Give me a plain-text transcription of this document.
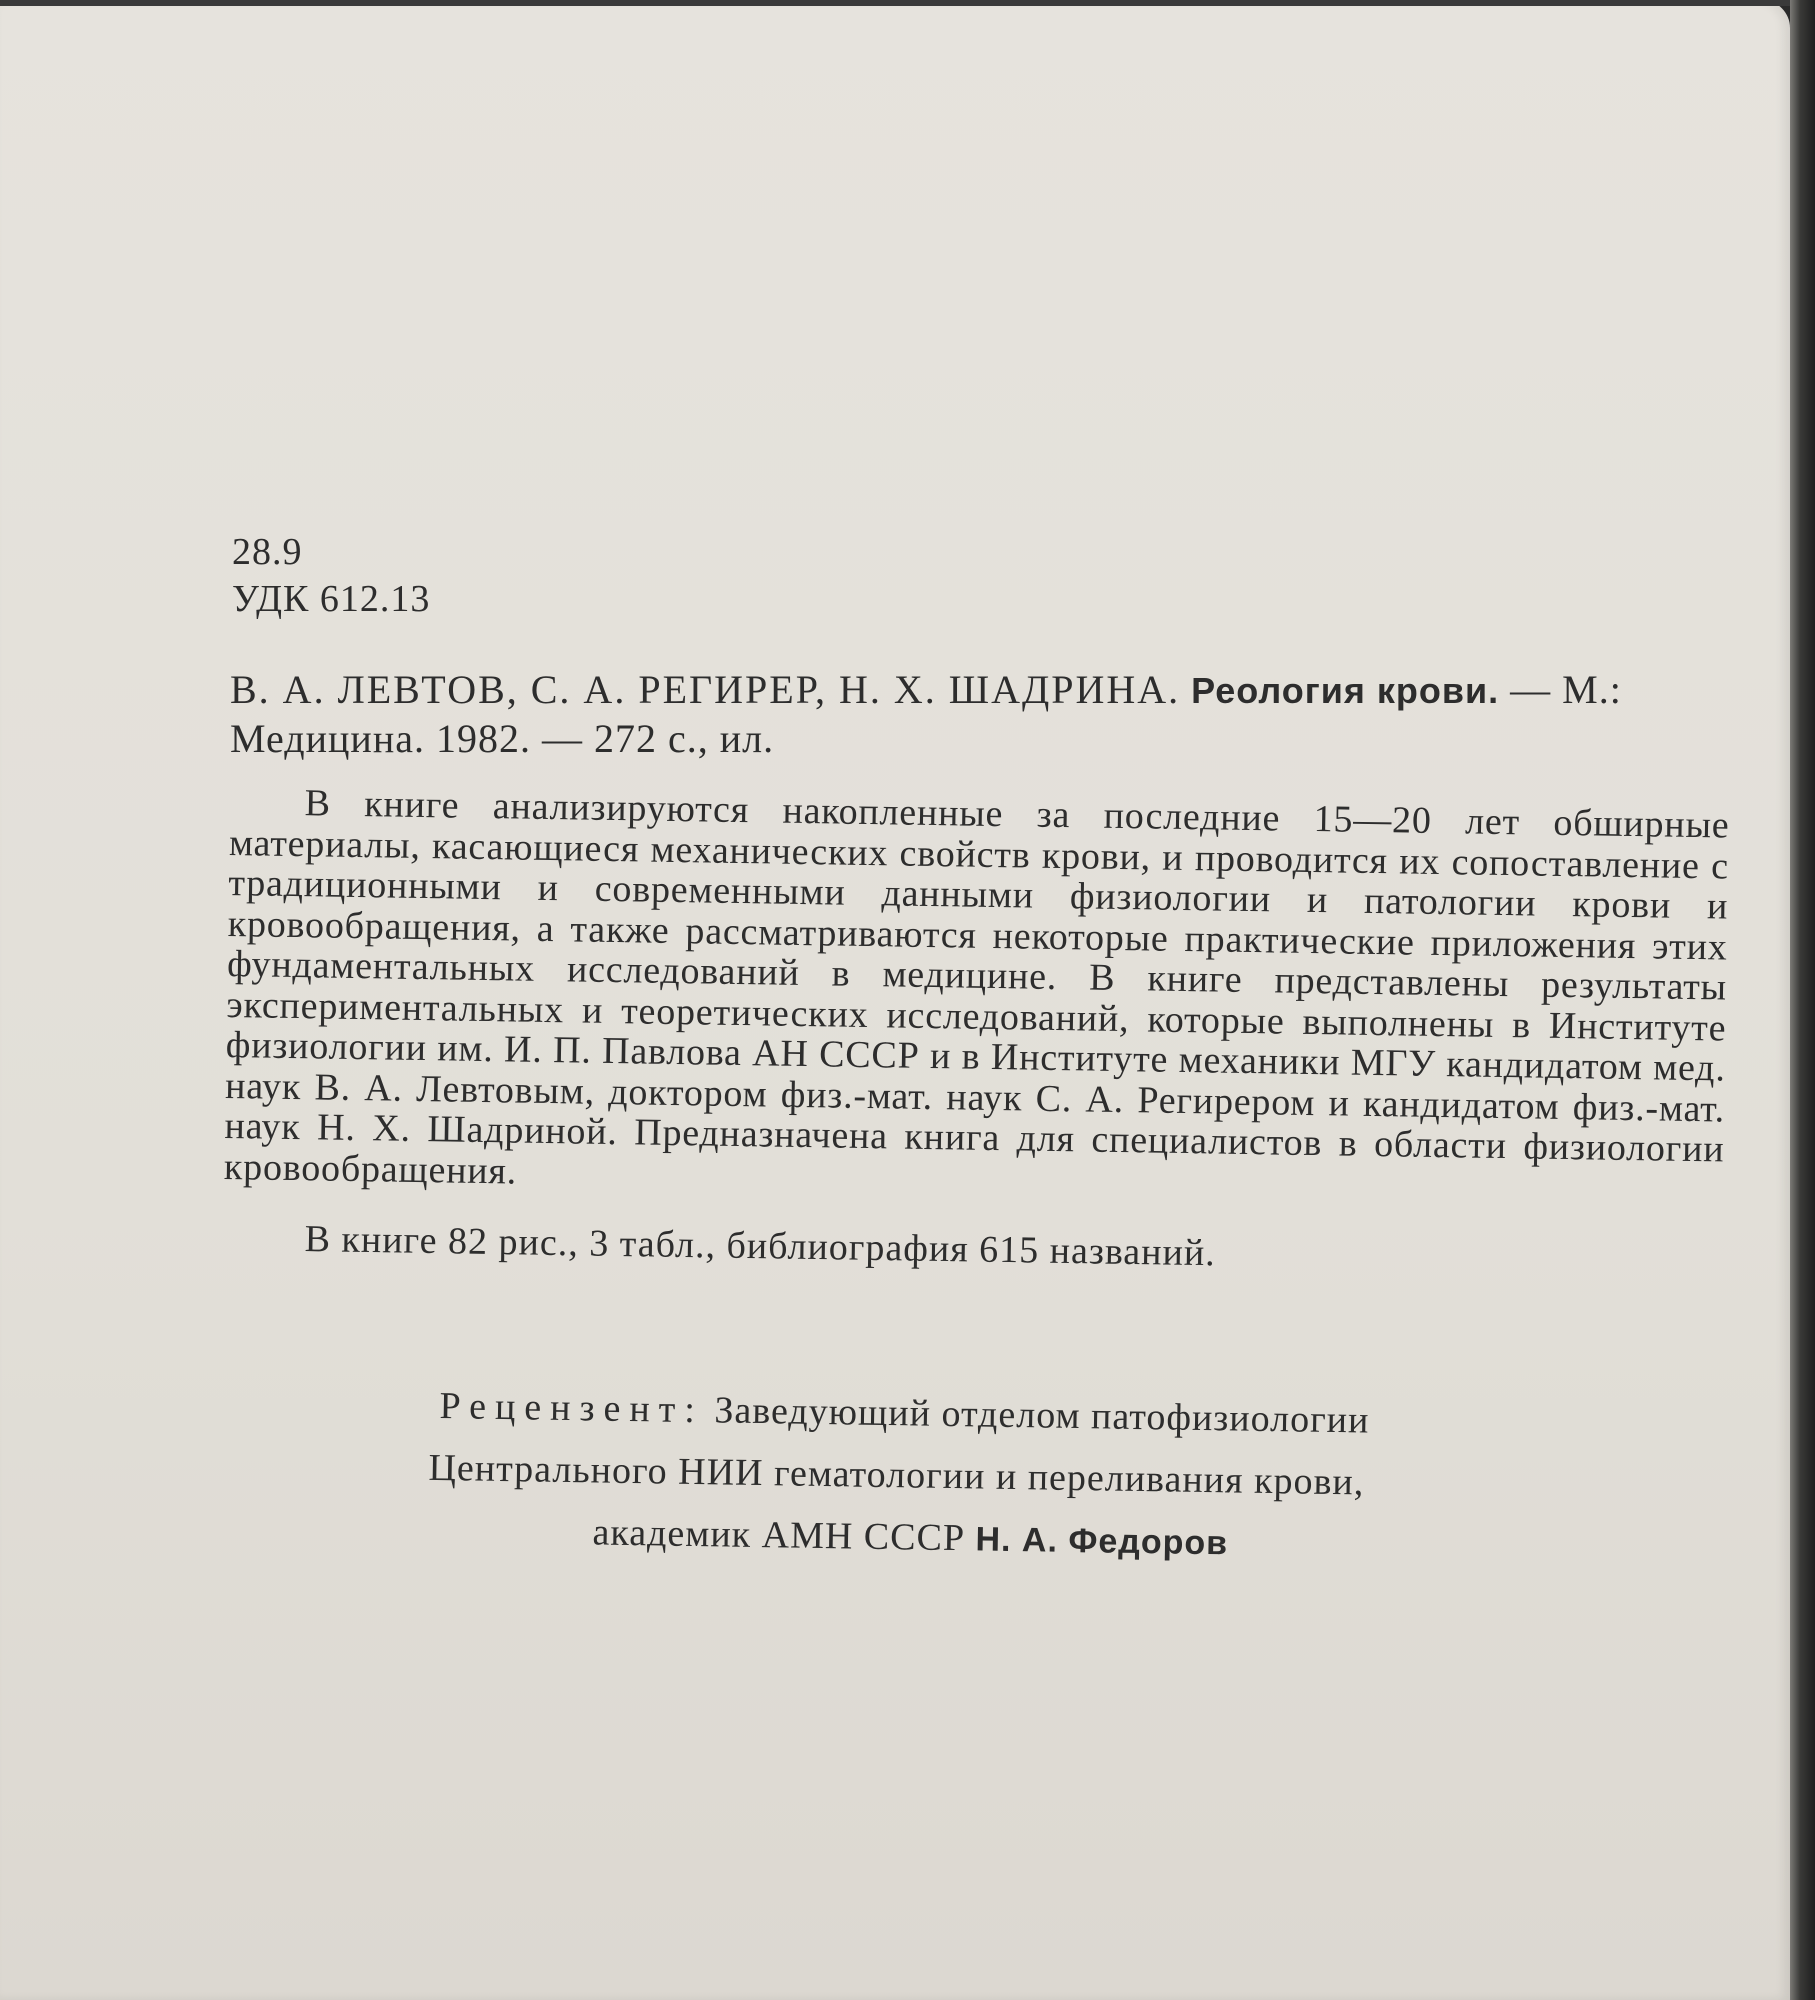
28.9
УДК 612.13
В. А. ЛЕВТОВ, С. А. РЕГИРЕР, Н. Х. ШАДРИНА. Реология крови. — М.:
Медицина. 1982. — 272 с., ил.
В книге анализируются накопленные за последние 15—20 лет обширные материалы, касающиеся механических свойств крови, и проводится их сопоставление с традиционными и современными данными физиологии и патологии крови и кровообращения, а также рассматриваются некоторые практические приложения этих фундаментальных исследований в медицине. В книге представлены результаты экспериментальных и теоретических исследований, которые выполнены в Институте физиологии им. И. П. Павлова АН СССР и в Институте механики МГУ кандидатом мед. наук В. А. Левтовым, доктором физ.-мат. наук С. А. Регирером и кандидатом физ.-мат. наук Н. Х. Шадриной. Предназначена книга для специалистов в области физиологии кровообращения.
В книге 82 рис., 3 табл., библиография 615 названий.
Рецензент: Заведующий отделом патофизиологии
Центрального НИИ гематологии и переливания крови,
академик АМН СССР Н. А. Федоров
